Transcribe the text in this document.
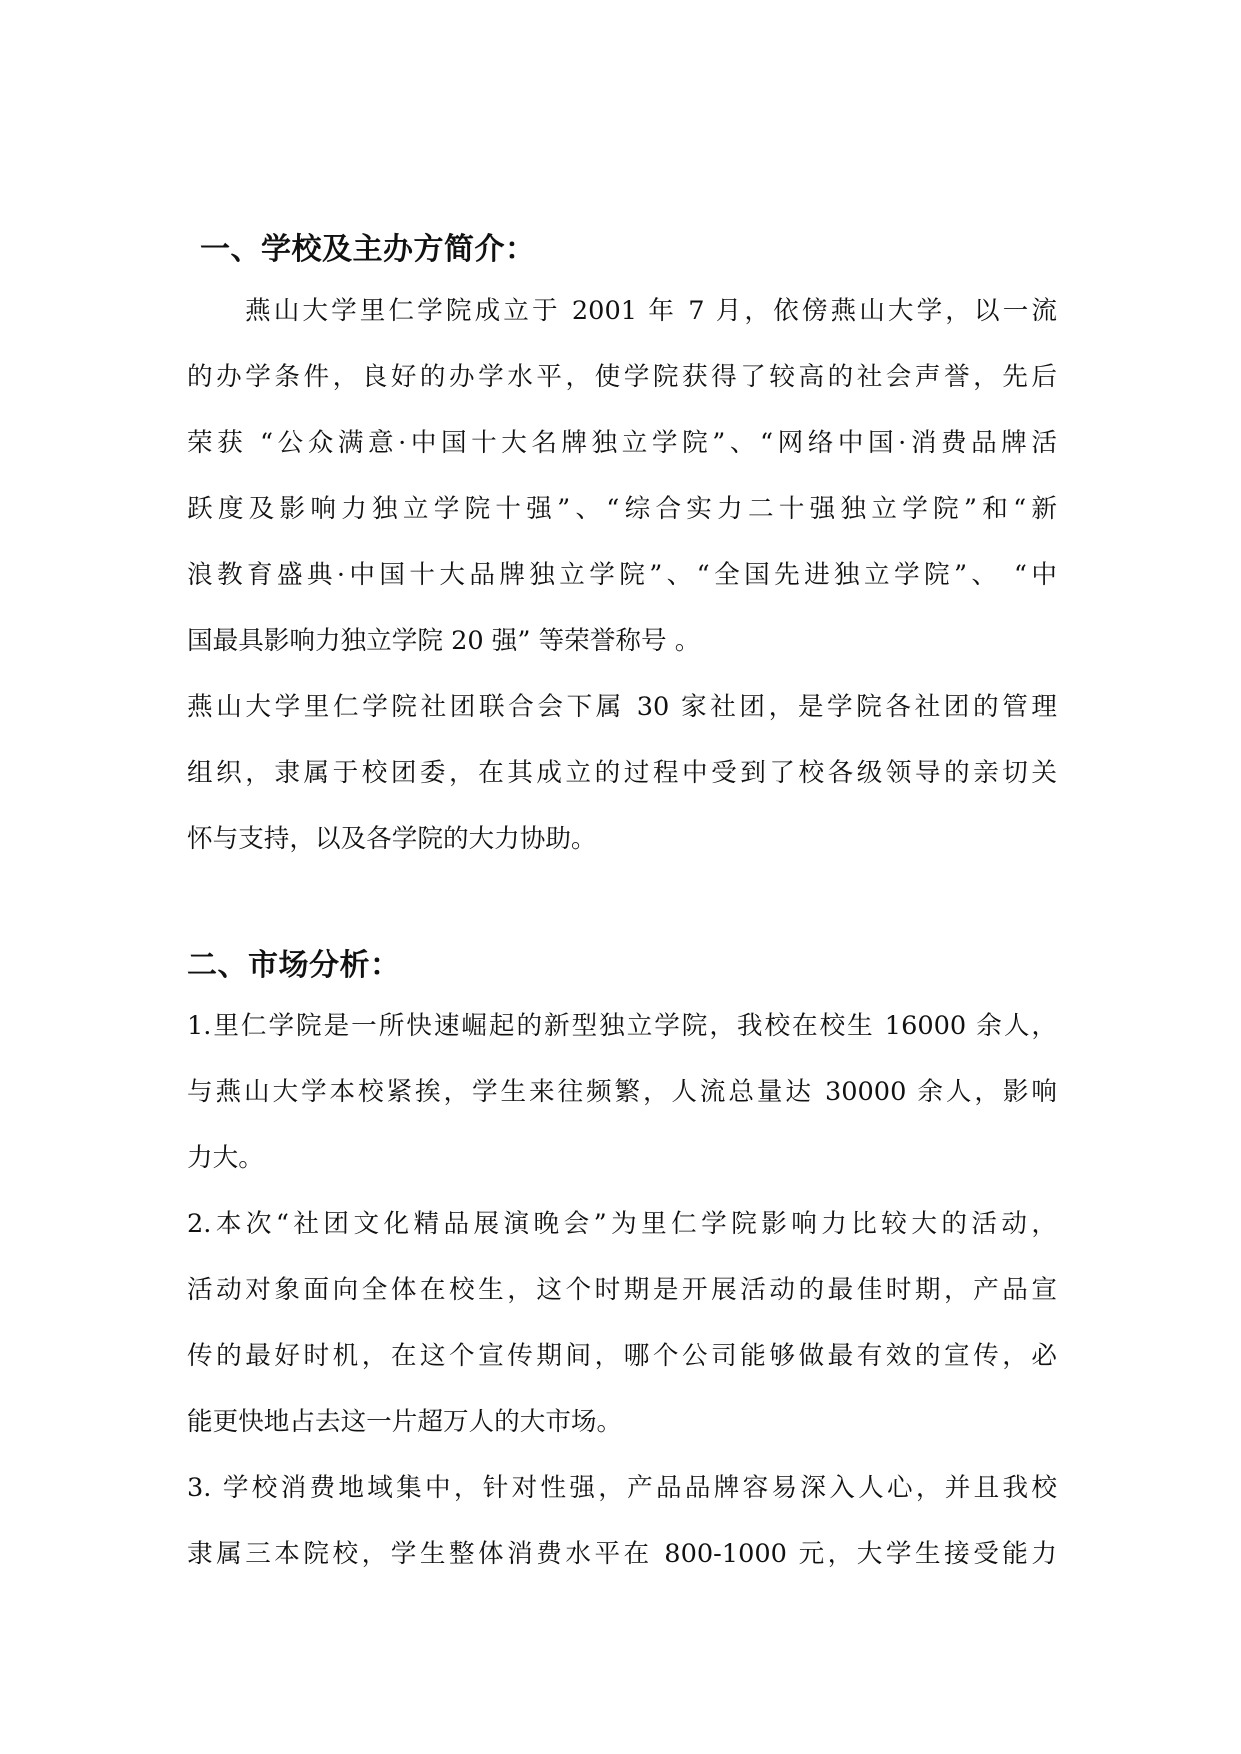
一、学校及主办方简介：
燕山大学里仁学院成立于 2001 年 7 月，依傍燕山大学，以一流
的办学条件，良好的办学水平，使学院获得了较高的社会声誉，先后
荣获 “公众满意·中国十大名牌独立学院”、“网络中国·消费品牌活
跃度及影响力独立学院十强”、“综合实力二十强独立学院”和“新
浪教育盛典·中国十大品牌独立学院”、“全国先进独立学院”、 “中
国最具影响力独立学院 20 强” 等荣誉称号 。
燕山大学里仁学院社团联合会下属 30 家社团，是学院各社团的管理
组织，隶属于校团委，在其成立的过程中受到了校各级领导的亲切关
怀与支持，以及各学院的大力协助。
二、市场分析：
1.里仁学院是一所快速崛起的新型独立学院，我校在校生 16000 余人，
与燕山大学本校紧挨，学生来往频繁，人流总量达 30000 余人，影响
力大。
2.本次“社团文化精品展演晚会”为里仁学院影响力比较大的活动，
活动对象面向全体在校生，这个时期是开展活动的最佳时期，产品宣
传的最好时机，在这个宣传期间，哪个公司能够做最有效的宣传，必
能更快地占去这一片超万人的大市场。
3. 学校消费地域集中，针对性强，产品品牌容易深入人心，并且我校
隶属三本院校，学生整体消费水平在 800-1000 元，大学生接受能力
